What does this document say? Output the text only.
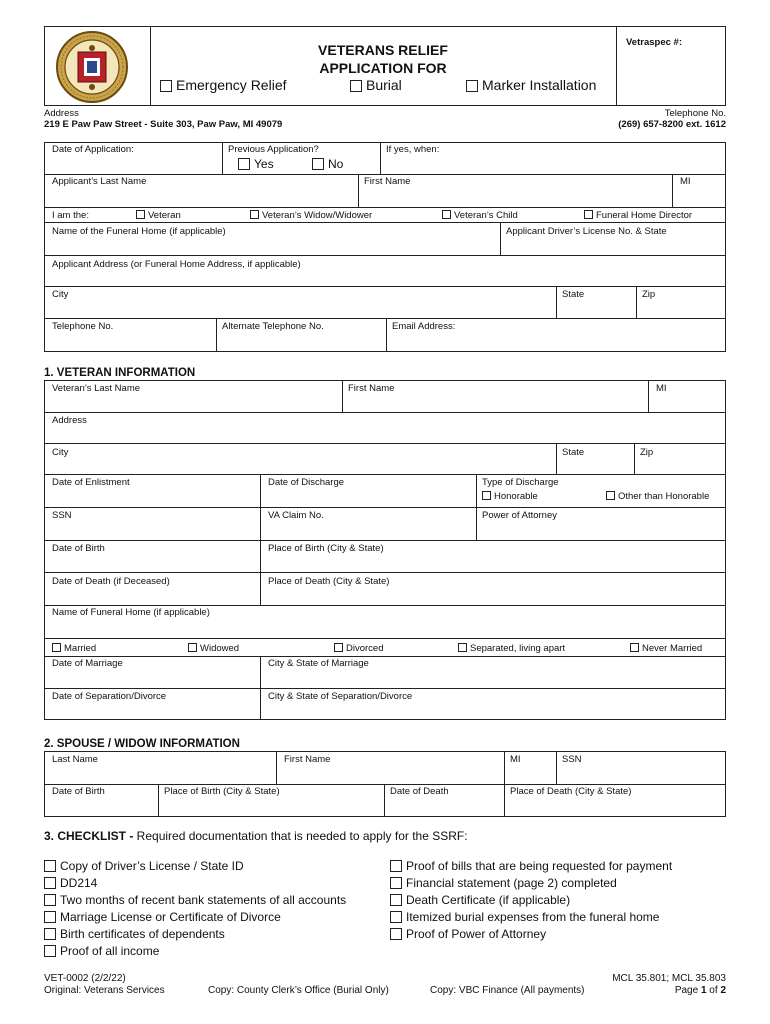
VETERANS RELIEF
APPLICATION FOR
Emergency Relief	Burial	Marker Installation
Vetraspec #:
Address
219 E Paw Paw Street - Suite 303, Paw Paw, MI 49079
Telephone No.
(269) 657-8200 ext. 1612
Date of Application:	Previous Application?
Yes	No
If yes, when:
Applicant’s Last Name	First Name	MI
I am the:	Veteran	Veteran’s Widow/Widower	Veteran’s Child	Funeral Home Director
Name of the Funeral Home (if applicable)	Applicant Driver’s License No. & State
Applicant Address (or Funeral Home Address, if applicable)
City	State	Zip
Telephone No.	Alternate Telephone No.	Email Address:
1. VETERAN INFORMATION
Veteran’s Last Name	First Name	MI
Address
City	State	Zip
Date of Enlistment	Date of Discharge	Type of Discharge
Honorable	Other than Honorable
SSN	VA Claim No.	Power of Attorney
Date of Birth	Place of Birth (City & State)
Date of Death (if Deceased)	Place of Death (City & State)
Name of Funeral Home (if applicable)
Married	Widowed	Divorced	Separated, living apart	Never Married
Date of Marriage	City & State of Marriage
Date of Separation/Divorce	City & State of Separation/Divorce
2. SPOUSE / WIDOW INFORMATION
Last Name	First Name	MI	SSN
Date of Birth	Place of Birth (City & State)	Date of Death	Place of Death (City & State)
3. CHECKLIST - Required documentation that is needed to apply for the SSRF:
Copy of Driver’s License / State ID
DD214
Two months of recent bank statements of all accounts
Marriage License or Certificate of Divorce
Birth certificates of dependents
Proof of all income
Proof of bills that are being requested for payment
Financial statement (page 2) completed
Death Certificate (if applicable)
Itemized burial expenses from the funeral home
Proof of Power of Attorney
VET-0002 (2/2/22)
Original: Veterans Services	Copy: County Clerk’s Office (Burial Only)	Copy: VBC Finance (All payments)
MCL 35.801; MCL 35.803
Page 1 of 2
